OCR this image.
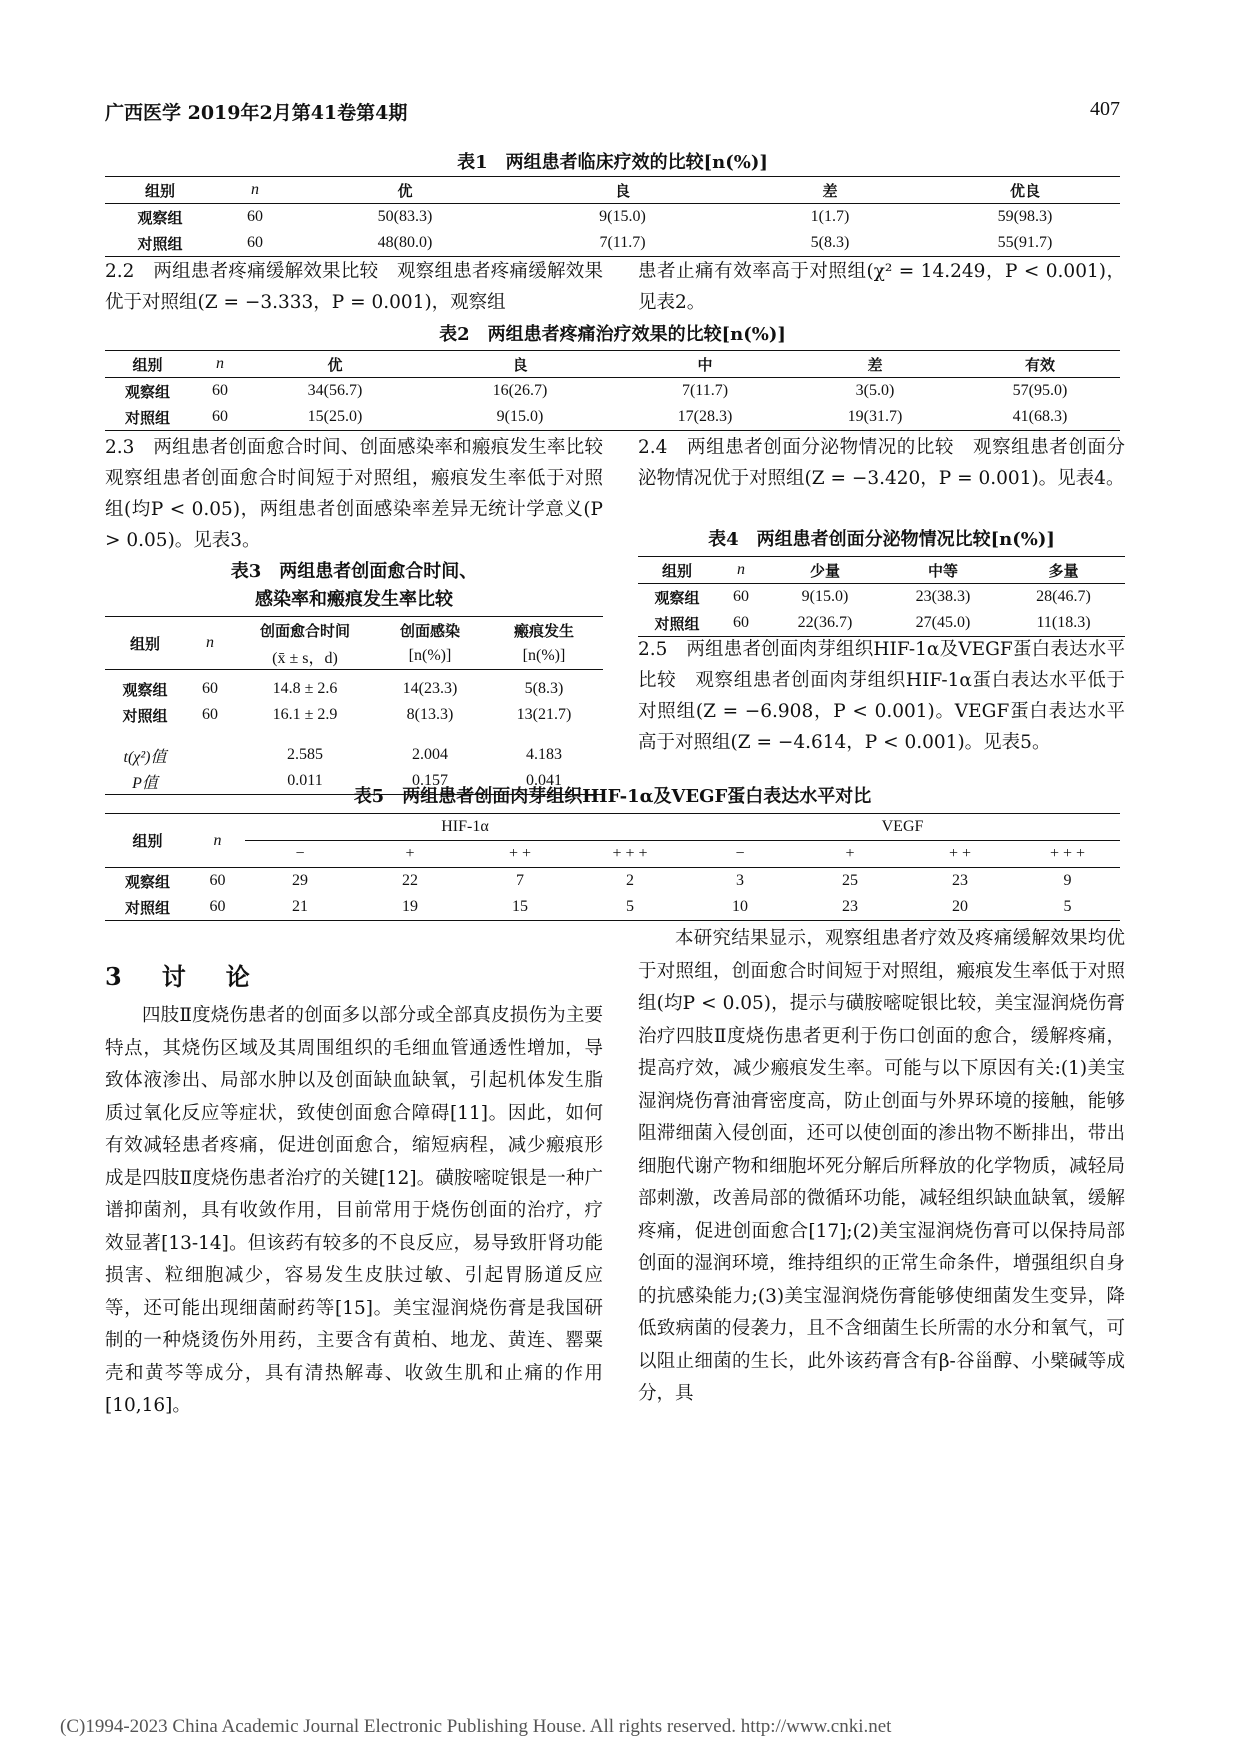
广西医学 2019年2月第41卷第4期	407
表1　两组患者临床疗效的比较[n(%)]
组别	n	优	良	差	优良
观察组	60	50(83.3)	9(15.0)	1(1.7)	59(98.3)
对照组	60	48(80.0)	7(11.7)	5(8.3)	55(91.7)
2.2　两组患者疼痛缓解效果比较　观察组患者疼痛缓解效果优于对照组(Z = −3.333，P = 0.001)，观察组
患者止痛有效率高于对照组(χ² = 14.249，P < 0.001)，见表2。
表2　两组患者疼痛治疗效果的比较[n(%)]
组别	n	优	良	中	差	有效
观察组	60	34(56.7)	16(26.7)	7(11.7)	3(5.0)	57(95.0)
对照组	60	15(25.0)	9(15.0)	17(28.3)	19(31.7)	41(68.3)
2.3　两组患者创面愈合时间、创面感染率和瘢痕发生率比较　观察组患者创面愈合时间短于对照组，瘢痕发生率低于对照组(均P < 0.05)，两组患者创面感染率差异无统计学意义(P > 0.05)。见表3。
表3　两组患者创面愈合时间、
感染率和瘢痕发生率比较
组别	n	创面愈合时间	创面感染	瘢痕发生
		(x̄ ± s，d)	[n(%)]	[n(%)]
观察组	60	14.8 ± 2.6	14(23.3)	5(8.3)
对照组	60	16.1 ± 2.9	8(13.3)	13(21.7)
t(χ²)值		2.585	2.004	4.183
P值		0.011	0.157	0.041
2.4　两组患者创面分泌物情况的比较　观察组患者创面分泌物情况优于对照组(Z = −3.420，P = 0.001)。见表4。
表4　两组患者创面分泌物情况比较[n(%)]
组别	n	少量	中等	多量
观察组	60	9(15.0)	23(38.3)	28(46.7)
对照组	60	22(36.7)	27(45.0)	11(18.3)
2.5　两组患者创面肉芽组织HIF-1α及VEGF蛋白表达水平比较　观察组患者创面肉芽组织HIF-1α蛋白表达水平低于对照组(Z = −6.908，P < 0.001)。VEGF蛋白表达水平高于对照组(Z = −4.614，P < 0.001)。见表5。
表5　两组患者创面肉芽组织HIF-1α及VEGF蛋白表达水平对比
组别	n	HIF-1α				VEGF			
		−	+	+ +	+ + +	−	+	+ +	+ + +
观察组	60	29	22	7	2	3	25	23	9
对照组	60	21	19	15	5	10	23	20	5
3　讨　论
四肢Ⅱ度烧伤患者的创面多以部分或全部真皮损伤为主要特点，其烧伤区域及其周围组织的毛细血管通透性增加，导致体液渗出、局部水肿以及创面缺血缺氧，引起机体发生脂质过氧化反应等症状，致使创面愈合障碍[11]。因此，如何有效减轻患者疼痛，促进创面愈合，缩短病程，减少瘢痕形成是四肢Ⅱ度烧伤患者治疗的关键[12]。磺胺嘧啶银是一种广谱抑菌剂，具有收敛作用，目前常用于烧伤创面的治疗，疗效显著[13-14]。但该药有较多的不良反应，易导致肝肾功能损害、粒细胞减少，容易发生皮肤过敏、引起胃肠道反应等，还可能出现细菌耐药等[15]。美宝湿润烧伤膏是我国研制的一种烧烫伤外用药，主要含有黄柏、地龙、黄连、罂粟壳和黄芩等成分，具有清热解毒、收敛生肌和止痛的作用[10,16]。
本研究结果显示，观察组患者疗效及疼痛缓解效果均优于对照组，创面愈合时间短于对照组，瘢痕发生率低于对照组(均P < 0.05)，提示与磺胺嘧啶银比较，美宝湿润烧伤膏治疗四肢Ⅱ度烧伤患者更利于伤口创面的愈合，缓解疼痛，提高疗效，减少瘢痕发生率。可能与以下原因有关:(1)美宝湿润烧伤膏油膏密度高，防止创面与外界环境的接触，能够阻滞细菌入侵创面，还可以使创面的渗出物不断排出，带出细胞代谢产物和细胞坏死分解后所释放的化学物质，减轻局部刺激，改善局部的微循环功能，减轻组织缺血缺氧，缓解疼痛，促进创面愈合[17];(2)美宝湿润烧伤膏可以保持局部创面的湿润环境，维持组织的正常生命条件，增强组织自身的抗感染能力;(3)美宝湿润烧伤膏能够使细菌发生变异，降低致病菌的侵袭力，且不含细菌生长所需的水分和氧气，可以阻止细菌的生长，此外该药膏含有β-谷甾醇、小檗碱等成分，具
(C)1994-2023 China Academic Journal Electronic Publishing House. All rights reserved. http://www.cnki.net
